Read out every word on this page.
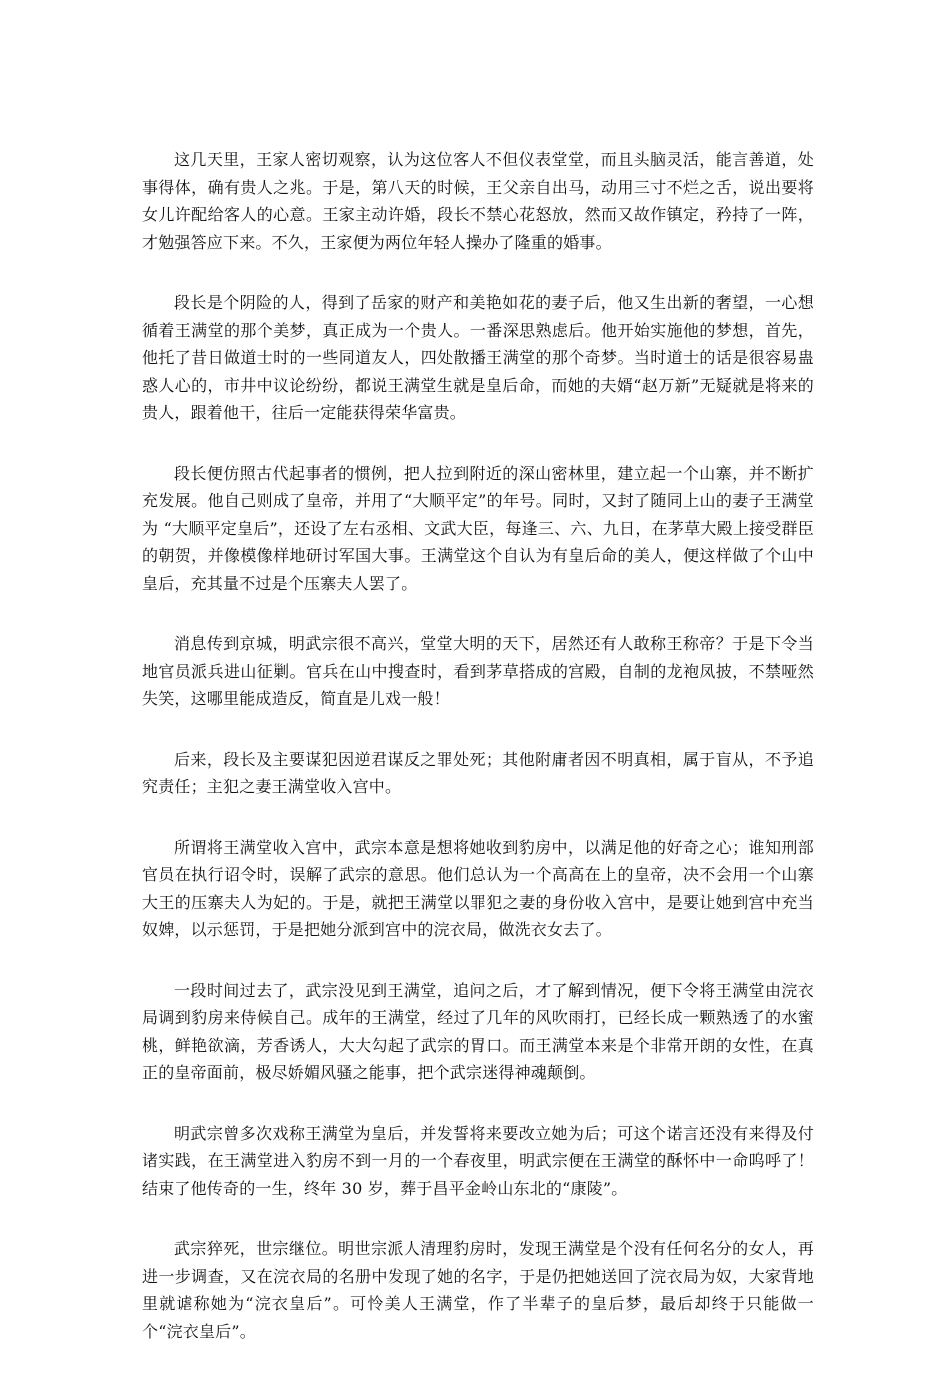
这几天里，王家人密切观察，认为这位客人不但仪表堂堂，而且头脑灵活，能言善道，处事得体，确有贵人之兆。于是，第八天的时候，王父亲自出马，动用三寸不烂之舌，说出要将女儿许配给客人的心意。王家主动许婚，段长不禁心花怒放，然而又故作镇定，矜持了一阵，才勉强答应下来。不久，王家便为两位年轻人操办了隆重的婚事。

段长是个阴险的人，得到了岳家的财产和美艳如花的妻子后，他又生出新的奢望，一心想循着王满堂的那个美梦，真正成为一个贵人。一番深思熟虑后。他开始实施他的梦想，首先，他托了昔日做道士时的一些同道友人，四处散播王满堂的那个奇梦。当时道士的话是很容易蛊惑人心的，市井中议论纷纷，都说王满堂生就是皇后命，而她的夫婿“赵万新”无疑就是将来的贵人，跟着他干，往后一定能获得荣华富贵。

段长便仿照古代起事者的惯例，把人拉到附近的深山密林里，建立起一个山寨，并不断扩充发展。他自己则成了皇帝，并用了“大顺平定”的年号。同时，又封了随同上山的妻子王满堂为 “大顺平定皇后”，还设了左右丞相、文武大臣，每逢三、六、九日，在茅草大殿上接受群臣的朝贺，并像模像样地研讨军国大事。王满堂这个自认为有皇后命的美人，便这样做了个山中皇后，充其量不过是个压寨夫人罢了。

消息传到京城，明武宗很不高兴，堂堂大明的天下，居然还有人敢称王称帝？于是下令当地官员派兵进山征剿。官兵在山中搜查时，看到茅草搭成的宫殿，自制的龙袍凤披，不禁哑然失笑，这哪里能成造反，简直是儿戏一般！

后来，段长及主要谋犯因逆君谋反之罪处死；其他附庸者因不明真相，属于盲从，不予追究责任；主犯之妻王满堂收入宫中。

所谓将王满堂收入宫中，武宗本意是想将她收到豹房中，以满足他的好奇之心；谁知刑部官员在执行诏令时，误解了武宗的意思。他们总认为一个高高在上的皇帝，决不会用一个山寨大王的压寨夫人为妃的。于是，就把王满堂以罪犯之妻的身份收入宫中，是要让她到宫中充当奴婢，以示惩罚，于是把她分派到宫中的浣衣局，做洗衣女去了。

一段时间过去了，武宗没见到王满堂，追问之后，才了解到情况，便下令将王满堂由浣衣局调到豹房来侍候自己。成年的王满堂，经过了几年的风吹雨打，已经长成一颗熟透了的水蜜桃，鲜艳欲滴，芳香诱人，大大勾起了武宗的胃口。而王满堂本来是个非常开朗的女性，在真正的皇帝面前，极尽娇媚风骚之能事，把个武宗迷得神魂颠倒。

明武宗曾多次戏称王满堂为皇后，并发誓将来要改立她为后；可这个诺言还没有来得及付诸实践，在王满堂进入豹房不到一月的一个春夜里，明武宗便在王满堂的酥怀中一命呜呼了！结束了他传奇的一生，终年 30 岁，葬于昌平金岭山东北的“康陵”。

武宗猝死，世宗继位。明世宗派人清理豹房时，发现王满堂是个没有任何名分的女人，再进一步调查，又在浣衣局的名册中发现了她的名字，于是仍把她送回了浣衣局为奴，大家背地里就谑称她为“浣衣皇后”。可怜美人王满堂，作了半辈子的皇后梦，最后却终于只能做一个“浣衣皇后”。
